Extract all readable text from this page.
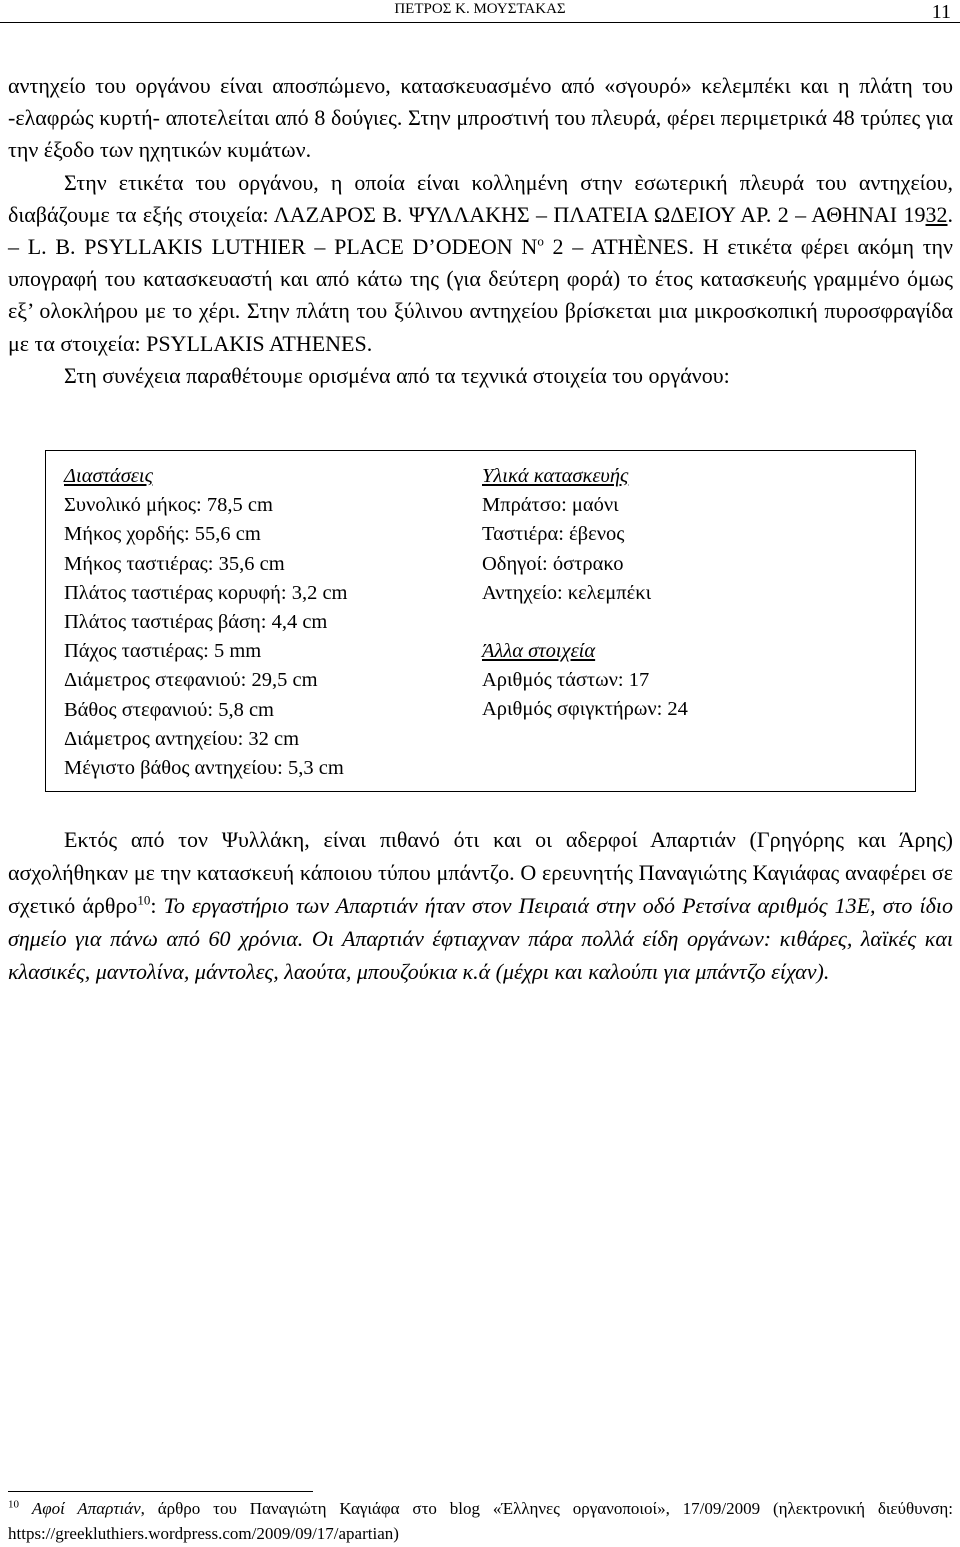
ΠΕΤΡΟΣ Κ. ΜΟΥΣΤΑΚΑΣ	11

αντηχείο του οργάνου είναι αποσπώμενο, κατασκευασμένο από «σγουρό» κελεμπέκι και η πλάτη του -ελαφρώς κυρτή- αποτελείται από 8 δούγιες. Στην μπροστινή του πλευρά, φέρει περιμετρικά 48 τρύπες για την έξοδο των ηχητικών κυμάτων.

Στην ετικέτα του οργάνου, η οποία είναι κολλημένη στην εσωτερική πλευρά του αντηχείου, διαβάζουμε τα εξής στοιχεία: ΛΑΖΑΡΟΣ Β. ΨΥΛΛΑΚΗΣ – ΠΛΑΤΕΙΑ ΩΔΕΙΟΥ ΑΡ. 2 – ΑΘΗΝΑΙ 1932. – L. B. PSYLLAKIS LUTHIER – PLACE D’ODEON $N^o$ 2 – ATHÈNES. Η ετικέτα φέρει ακόμη την υπογραφή του κατασκευαστή και από κάτω της (για δεύτερη φορά) το έτος κατασκευής γραμμένο όμως εξ’ ολοκλήρου με το χέρι. Στην πλάτη του ξύλινου αντηχείου βρίσκεται μια μικροσκοπική πυροσφραγίδα με τα στοιχεία: PSYLLAKIS ATHENES.

Στη συνέχεια παραθέτουμε ορισμένα από τα τεχνικά στοιχεία του οργάνου:

Διαστάσεις
Συνολικό μήκος: 78,5 cm
Μήκος χορδής: 55,6 cm
Μήκος ταστιέρας: 35,6 cm
Πλάτος ταστιέρας κορυφή: 3,2 cm
Πλάτος ταστιέρας βάση: 4,4 cm
Πάχος ταστιέρας: 5 mm
Διάμετρος στεφανιού: 29,5 cm
Βάθος στεφανιού: 5,8 cm
Διάμετρος αντηχείου: 32 cm
Μέγιστο βάθος αντηχείου: 5,3 cm
Υλικά κατασκευής
Μπράτσο: μαόνι
Ταστιέρα: έβενος
Οδηγοί: όστρακο
Αντηχείο: κελεμπέκι
Άλλα στοιχεία
Αριθμός τάστων: 17
Αριθμός σφιγκτήρων: 24

Εκτός από τον Ψυλλάκη, είναι πιθανό ότι και οι αδερφοί Απαρτιάν (Γρηγόρης και Άρης) ασχολήθηκαν με την κατασκευή κάποιου τύπου μπάντζο. Ο ερευνητής Παναγιώτης Καγιάφας αναφέρει σε σχετικό άρθρο$^{10}$: Το εργαστήριο των Απαρτιάν ήταν στον Πειραιά στην οδό Ρετσίνα αριθμός 13Ε, στο ίδιο σημείο για πάνω από 60 χρόνια. Οι Απαρτιάν έφτιαχναν πάρα πολλά είδη οργάνων: κιθάρες, λαϊκές και κλασικές, μαντολίνα, μάντολες, λαούτα, μπουζούκια κ.ά (μέχρι και καλούπι για μπάντζο είχαν).

$^{10}$ Αφοί Απαρτιάν, άρθρο του Παναγιώτη Καγιάφα στο blog «Έλληνες οργανοποιοί», 17/09/2009 (ηλεκτρονική διεύθυνση: https://greekluthiers.wordpress.com/2009/09/17/apartian)
